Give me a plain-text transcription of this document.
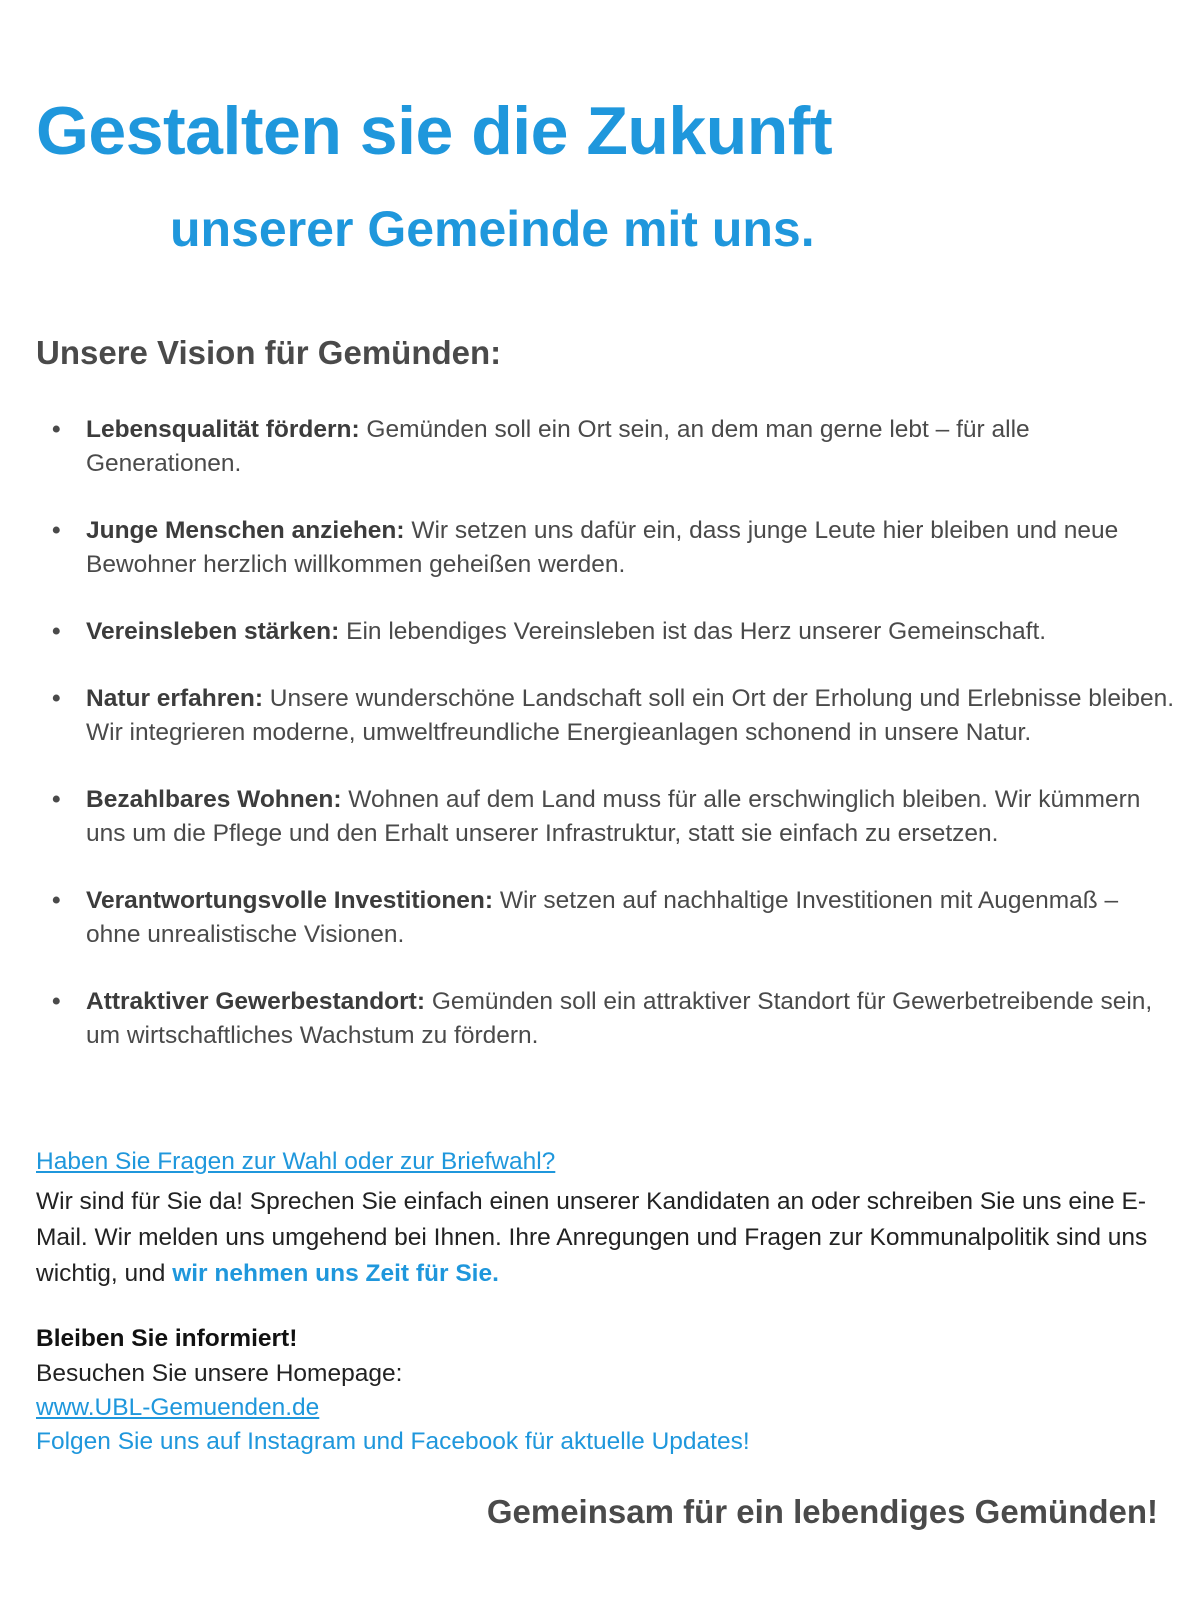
Gestalten sie die Zukunft
unserer Gemeinde mit uns.
Unsere Vision für Gemünden:
• Lebensqualität fördern: Gemünden soll ein Ort sein, an dem man gerne lebt – für alle Generationen.
• Junge Menschen anziehen: Wir setzen uns dafür ein, dass junge Leute hier bleiben und neue Bewohner herzlich willkommen geheißen werden.
• Vereinsleben stärken: Ein lebendiges Vereinsleben ist das Herz unserer Gemeinschaft.
• Natur erfahren: Unsere wunderschöne Landschaft soll ein Ort der Erholung und Erlebnisse bleiben. Wir integrieren moderne, umweltfreundliche Energieanlagen schonend in unsere Natur.
• Bezahlbares Wohnen: Wohnen auf dem Land muss für alle erschwinglich bleiben. Wir kümmern uns um die Pflege und den Erhalt unserer Infrastruktur, statt sie einfach zu ersetzen.
• Verantwortungsvolle Investitionen: Wir setzen auf nachhaltige Investitionen mit Augenmaß – ohne unrealistische Visionen.
• Attraktiver Gewerbestandort: Gemünden soll ein attraktiver Standort für Gewerbetreibende sein, um wirtschaftliches Wachstum zu fördern.
Haben Sie Fragen zur Wahl oder zur Briefwahl?

Wir sind für Sie da! Sprechen Sie einfach einen unserer Kandidaten an oder schreiben Sie uns eine E-Mail. Wir melden uns umgehend bei Ihnen. Ihre Anregungen und Fragen zur Kommunalpolitik sind uns wichtig, und wir nehmen uns Zeit für Sie.

Bleiben Sie informiert!
Besuchen Sie unsere Homepage:
www.UBL-Gemuenden.de
Folgen Sie uns auf Instagram und Facebook für aktuelle Updates!
Gemeinsam für ein lebendiges Gemünden!
